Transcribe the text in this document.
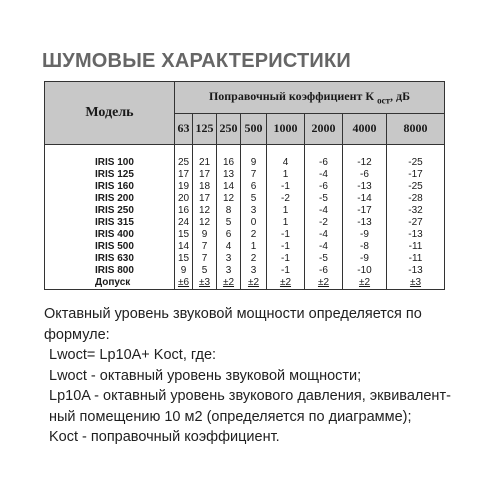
ШУМОВЫЕ ХАРАКТЕРИСТИКИ
Модель	Поправочный коэффициент К $_{ост}$, дБ							
	63	125	250	500	1000	2000	4000	8000

IRIS 100	25	21	16	9	4	-6	-12	-25
IRIS 125	17	17	13	7	1	-4	-6	-17
IRIS 160	19	18	14	6	-1	-6	-13	-25
IRIS 200	20	17	12	5	-2	-5	-14	-28
IRIS 250	16	12	8	3	1	-4	-17	-32
IRIS 315	24	12	5	0	1	-2	-13	-27
IRIS 400	15	9	6	2	-1	-4	-9	-13
IRIS 500	14	7	4	1	-1	-4	-8	-11
IRIS 630	15	7	3	2	-1	-5	-9	-11
IRIS 800	9	5	3	3	-1	-6	-10	-13
Допуск	±6	±3	±2	±2	±2	±2	±2	±3
Октавный уровень звуковой мощности определяется по
формуле:
Lwoct= Lp10A+ Koct, где:
Lwoct - октавный уровень звуковой мощности;
Lp10A - октавный уровень звукового давления, эквивалент-
ный помещению 10 м2 (определяется по диаграмме);
Koct - поправочный коэффициент.
